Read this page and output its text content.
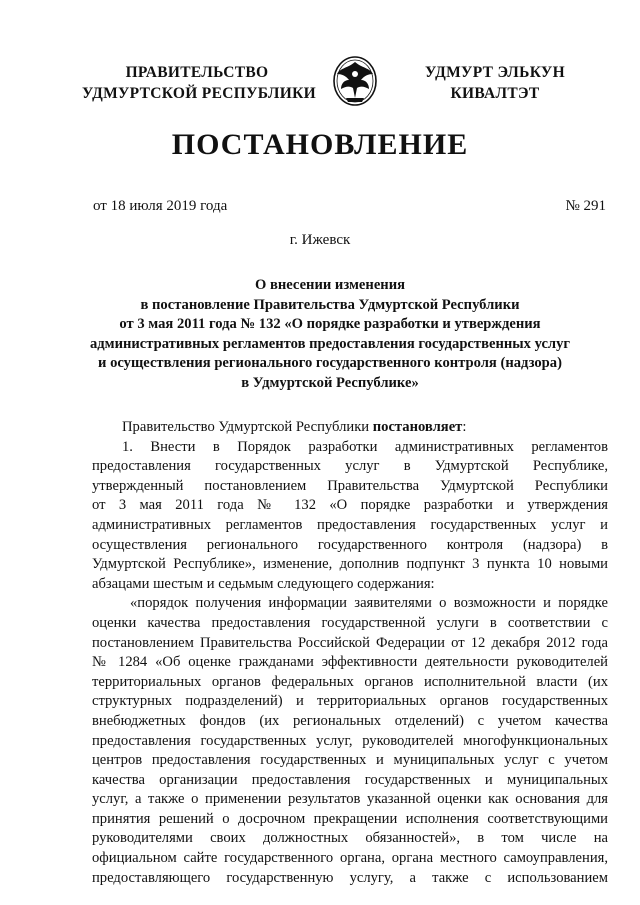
ПРАВИТЕЛЬСТВО
УДМУРТСКОЙ РЕСПУБЛИКИ
УДМУРТ ЭЛЬКУН
КИВАЛТЭТ
ПОСТАНОВЛЕНИЕ
от 18 июля 2019 года	№ 291
г. Ижевск
О внесении изменения
в постановление Правительства Удмуртской Республики
от 3 мая 2011 года № 132 «О порядке разработки и утверждения
административных регламентов предоставления государственных услуг
и осуществления регионального государственного контроля (надзора)
в Удмуртской Республике»
Правительство Удмуртской Республики постановляет:
1. Внести в Порядок разработки административных регламентов
предоставления государственных услуг в Удмуртской Республике,
утвержденный постановлением Правительства Удмуртской Республики
от 3 мая 2011 года № 132 «О порядке разработки и утверждения
административных регламентов предоставления государственных услуг и
осуществления регионального государственного контроля (надзора) в
Удмуртской Республике», изменение, дополнив подпункт 3 пункта 10 новыми
абзацами шестым и седьмым следующего содержания:
«порядок получения информации заявителями о возможности и порядке
оценки качества предоставления государственной услуги в соответствии с
постановлением Правительства Российской Федерации от 12 декабря 2012 года
№ 1284 «Об оценке гражданами эффективности деятельности руководителей
территориальных органов федеральных органов исполнительной власти (их
структурных подразделений) и территориальных органов государственных
внебюджетных фондов (их региональных отделений) с учетом качества
предоставления государственных услуг, руководителей многофункциональных
центров предоставления государственных и муниципальных услуг с учетом
качества организации предоставления государственных и муниципальных
услуг, а также о применении результатов указанной оценки как основания для
принятия решений о досрочном прекращении исполнения соответствующими
руководителями своих должностных обязанностей», в том числе на
официальном сайте государственного органа, органа местного самоуправления,
предоставляющего государственную услугу, а также с использованием
